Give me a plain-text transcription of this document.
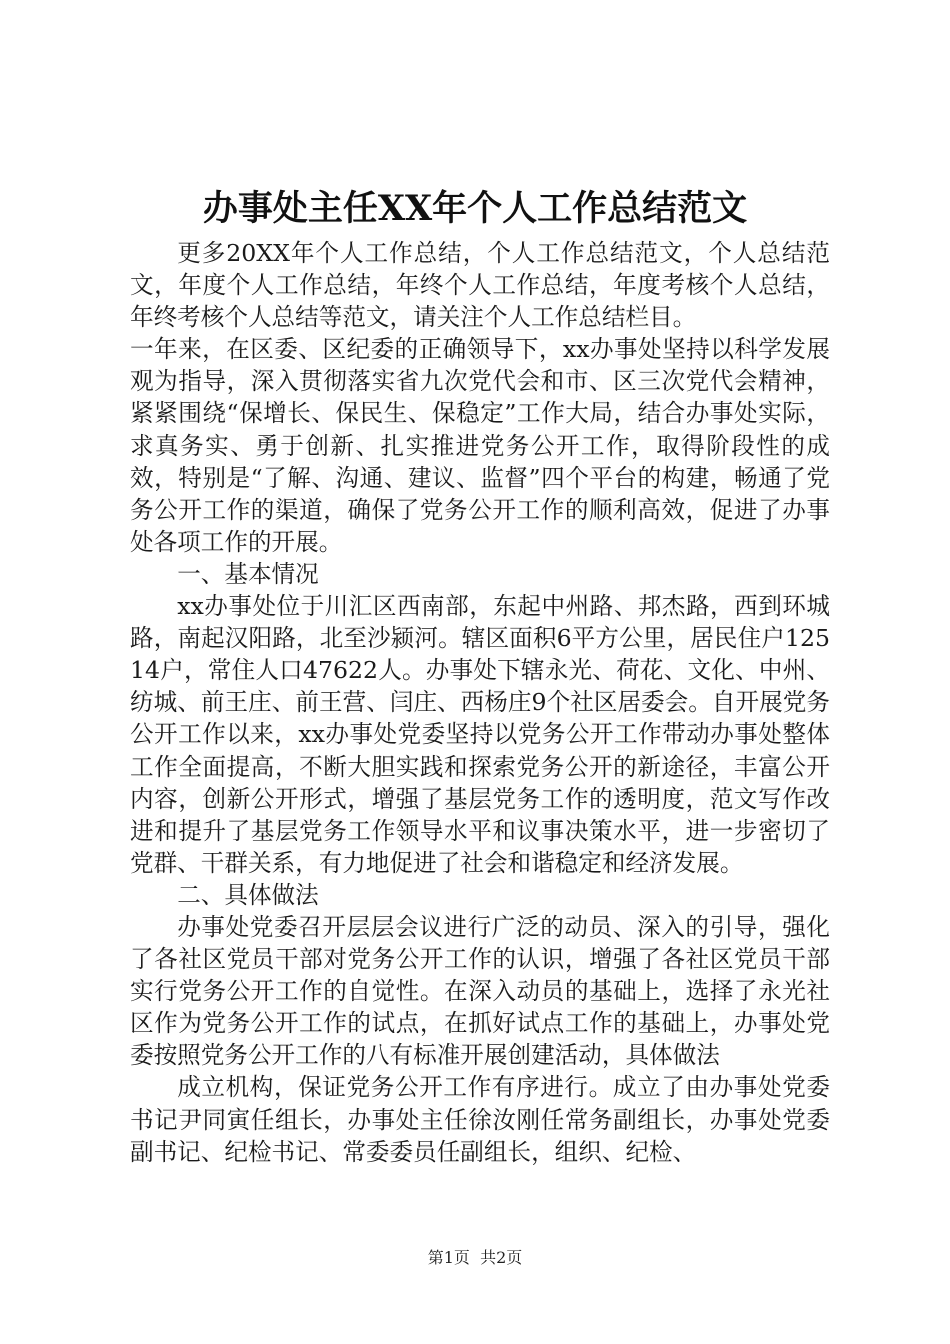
办事处主任XX年个人工作总结范文

更多20XX年个人工作总结，个人工作总结范文，个人总结范文，年度个人工作总结，年终个人工作总结，年度考核个人总结，年终考核个人总结等范文，请关注个人工作总结栏目。

一年来，在区委、区纪委的正确领导下，xx办事处坚持以科学发展观为指导，深入贯彻落实省九次党代会和市、区三次党代会精神，紧紧围绕“保增长、保民生、保稳定”工作大局，结合办事处实际，求真务实、勇于创新、扎实推进党务公开工作，取得阶段性的成效，特别是“了解、沟通、建议、监督”四个平台的构建，畅通了党务公开工作的渠道，确保了党务公开工作的顺利高效，促进了办事处各项工作的开展。

一、基本情况

xx办事处位于川汇区西南部，东起中州路、邦杰路，西到环城路，南起汉阳路，北至沙颍河。辖区面积6平方公里，居民住户12514户，常住人口47622人。办事处下辖永光、荷花、文化、中州、纺城、前王庄、前王营、闫庄、西杨庄9个社区居委会。自开展党务公开工作以来，xx办事处党委坚持以党务公开工作带动办事处整体工作全面提高，不断大胆实践和探索党务公开的新途径，丰富公开内容，创新公开形式，增强了基层党务工作的透明度，范文写作改进和提升了基层党务工作领导水平和议事决策水平，进一步密切了党群、干群关系，有力地促进了社会和谐稳定和经济发展。

二、具体做法

办事处党委召开层层会议进行广泛的动员、深入的引导，强化了各社区党员干部对党务公开工作的认识，增强了各社区党员干部实行党务公开工作的自觉性。在深入动员的基础上，选择了永光社区作为党务公开工作的试点，在抓好试点工作的基础上，办事处党委按照党务公开工作的八有标准开展创建活动，具体做法

成立机构，保证党务公开工作有序进行。成立了由办事处党委书记尹同寅任组长，办事处主任徐汝刚任常务副组长，办事处党委副书记、纪检书记、常委委员任副组长，组织、纪检、

第1页 共2页
